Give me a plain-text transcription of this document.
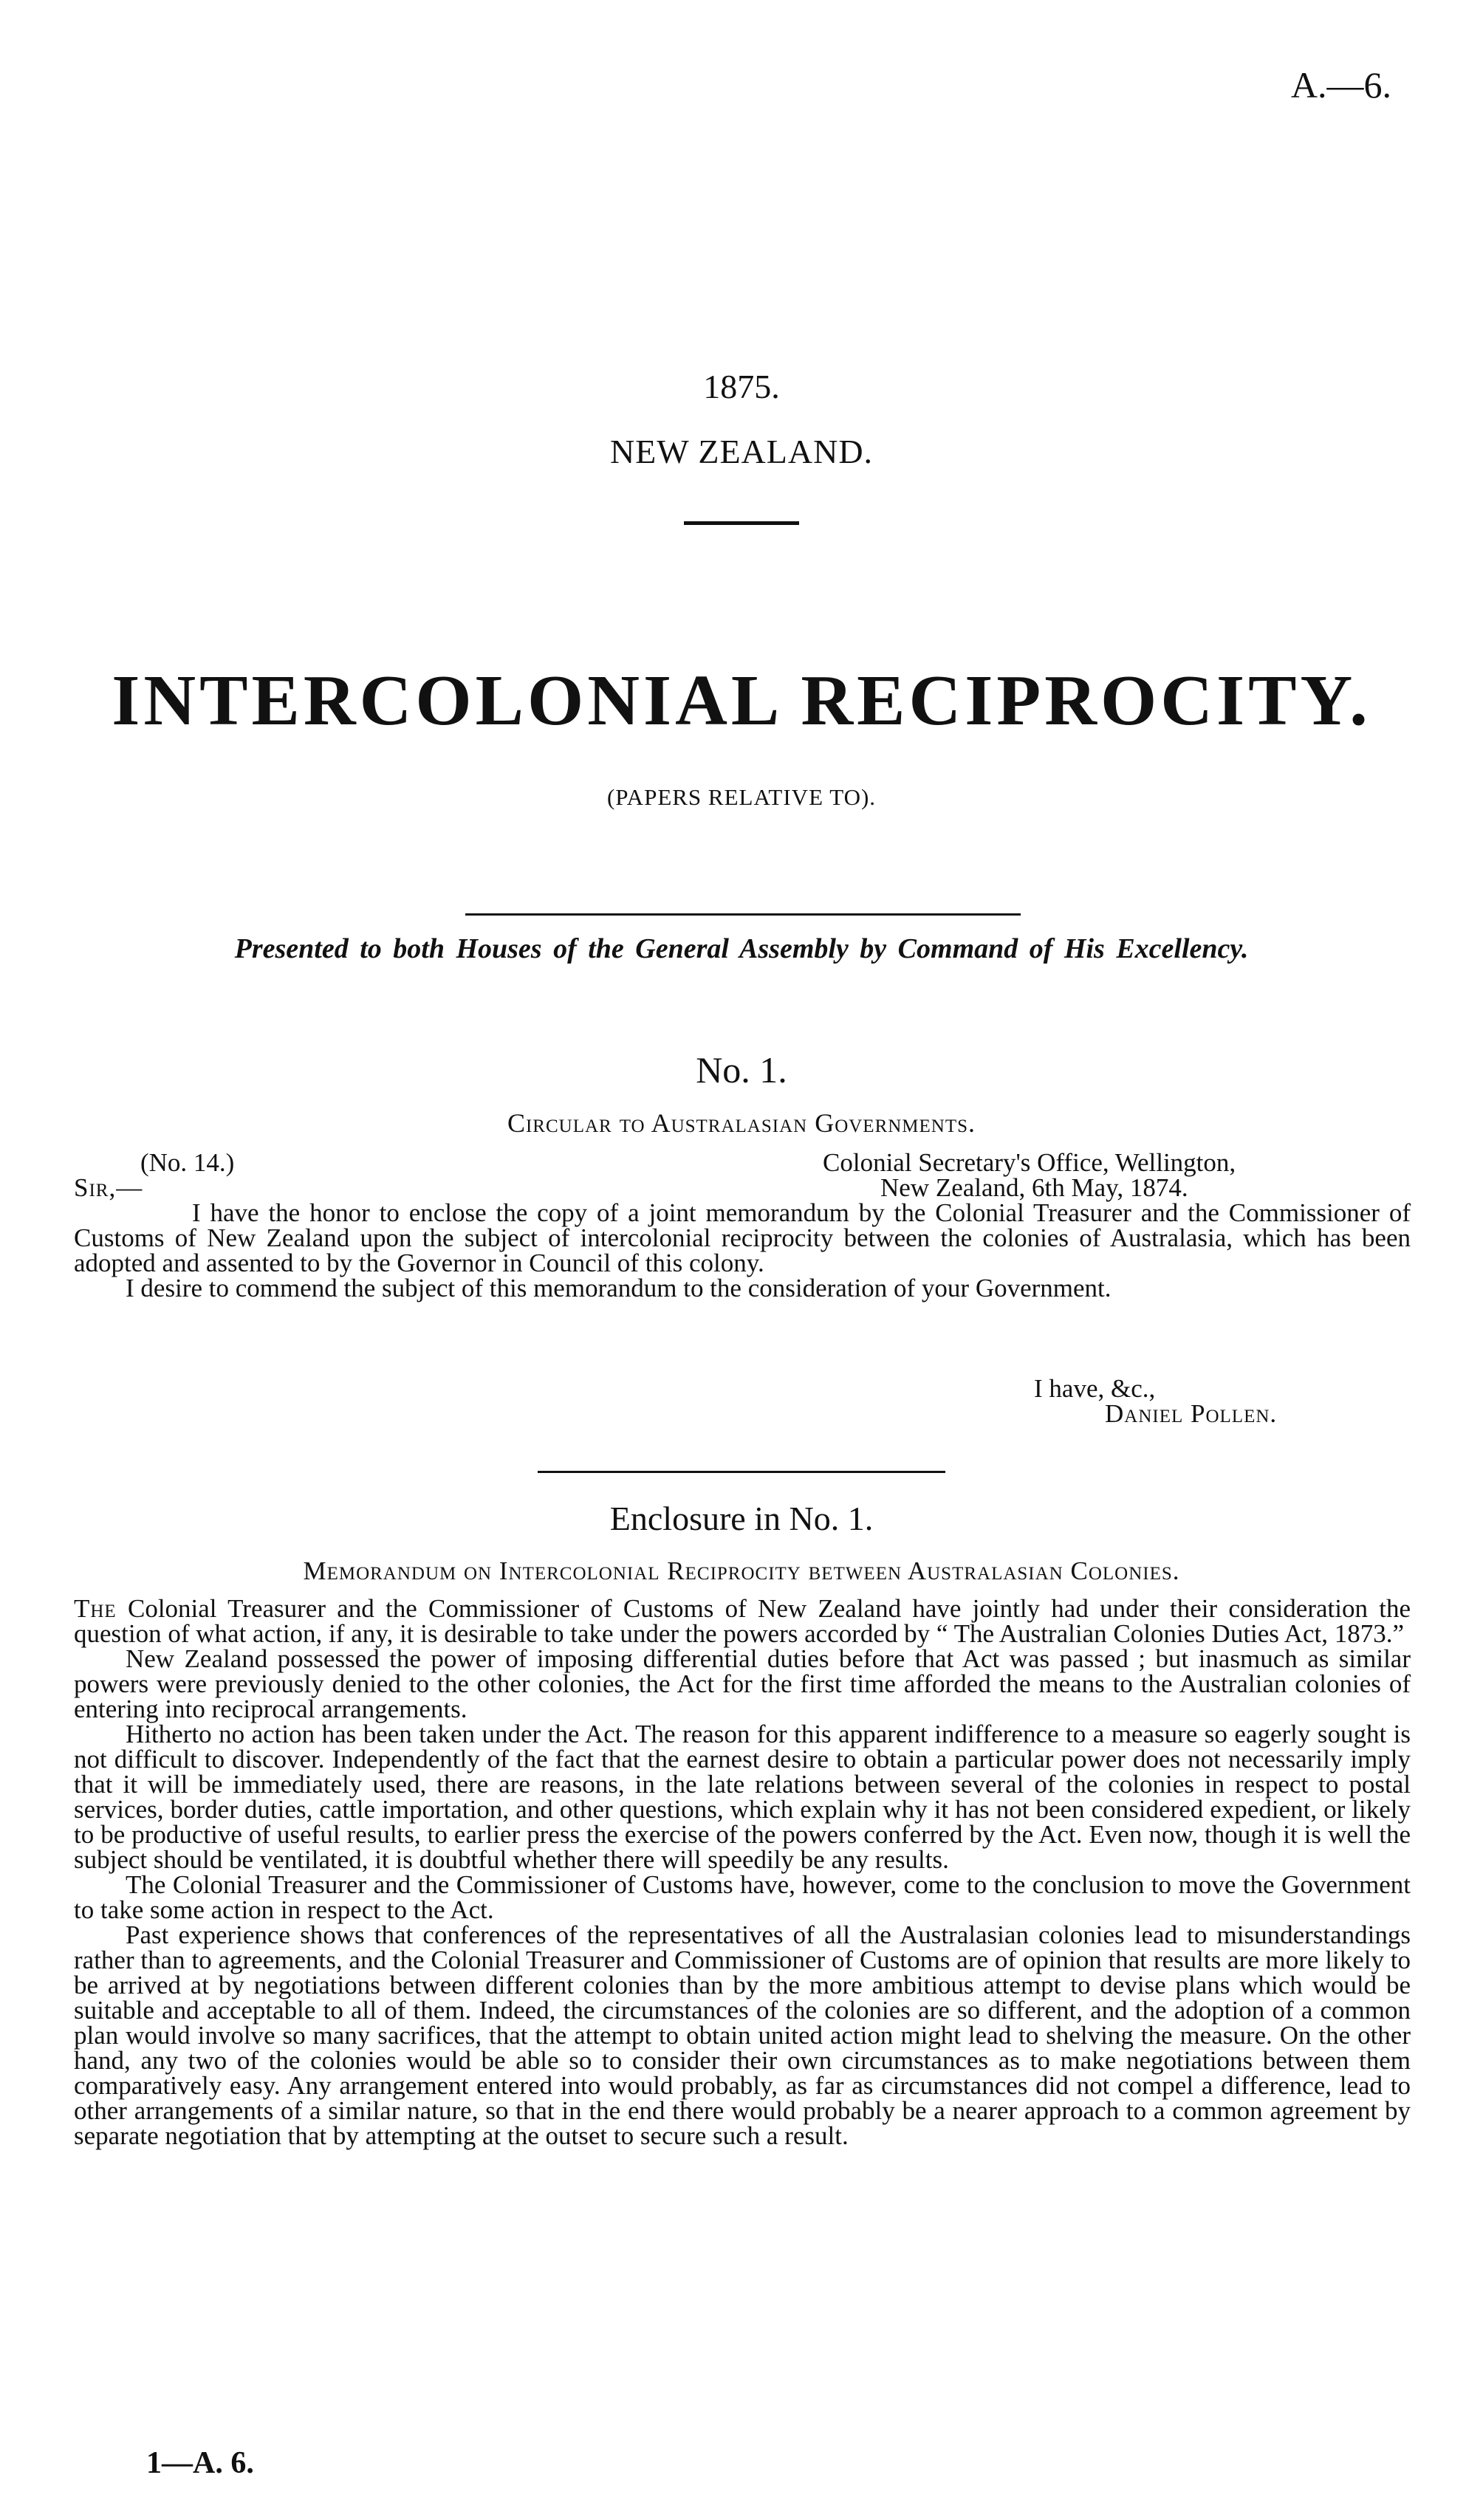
A.—6.
1875.
NEW ZEALAND.
INTERCOLONIAL RECIPROCITY.
(PAPERS RELATIVE TO).
Presented to both Houses of the General Assembly by Command of His Excellency.
No. 1.
Circular to Australasian Governments.
(No. 14.)	Colonial Secretary's Office, Wellington,
Sir,—	New Zealand, 6th May, 1874.

I have the honor to enclose the copy of a joint memorandum by the Colonial Treasurer and the Commissioner of Customs of New Zealand upon the subject of intercolonial reciprocity between the colonies of Australasia, which has been adopted and assented to by the Governor in Council of this colony.

I desire to commend the subject of this memorandum to the consideration of your Government.

I have, &c.,
Daniel Pollen.
Enclosure in No. 1.
Memorandum on Intercolonial Reciprocity between Australasian Colonies.

The Colonial Treasurer and the Commissioner of Customs of New Zealand have jointly had under their consideration the question of what action, if any, it is desirable to take under the powers accorded by “ The Australian Colonies Duties Act, 1873.”

New Zealand possessed the power of imposing differential duties before that Act was passed ; but inasmuch as similar powers were previously denied to the other colonies, the Act for the first time afforded the means to the Australian colonies of entering into reciprocal arrangements.

Hitherto no action has been taken under the Act. The reason for this apparent indifference to a measure so eagerly sought is not difficult to discover. Independently of the fact that the earnest desire to obtain a particular power does not necessarily imply that it will be immediately used, there are reasons, in the late relations between several of the colonies in respect to postal services, border duties, cattle importation, and other questions, which explain why it has not been considered expedient, or likely to be productive of useful results, to earlier press the exercise of the powers conferred by the Act. Even now, though it is well the subject should be ventilated, it is doubtful whether there will speedily be any results.

The Colonial Treasurer and the Commissioner of Customs have, however, come to the conclusion to move the Government to take some action in respect to the Act.

Past experience shows that conferences of the representatives of all the Australasian colonies lead to misunderstandings rather than to agreements, and the Colonial Treasurer and Commissioner of Customs are of opinion that results are more likely to be arrived at by negotiations between different colonies than by the more ambitious attempt to devise plans which would be suitable and acceptable to all of them. Indeed, the circumstances of the colonies are so different, and the adoption of a common plan would involve so many sacrifices, that the attempt to obtain united action might lead to shelving the measure. On the other hand, any two of the colonies would be able so to consider their own circumstances as to make negotiations between them comparatively easy. Any arrangement entered into would probably, as far as circumstances did not compel a difference, lead to other arrangements of a similar nature, so that in the end there would probably be a nearer approach to a common agreement by separate negotiation that by attempting at the outset to secure such a result.

1—A. 6.
